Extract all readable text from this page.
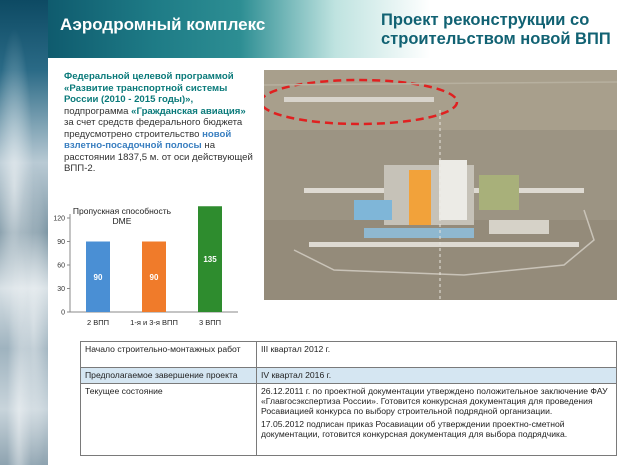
Аэродромный комплекс	Проект реконструкции со строительством новой ВПП
Федеральной целевой программой «Развитие транспортной системы России (2010 - 2015 годы)», подпрограмма «Гражданская авиация» за счет средств федерального бюджета предусмотрено строительство новой взлетно-посадочной полосы на расстоянии 1837,5 м. от оси действующей ВПП-2.
0
30
60
90
120
90
2 ВПП
90
1-я и 3-я ВПП
135
3 ВПП
Пропускная способность DME
Начало строительно-монтажных работ	III квартал 2012 г.
Предполагаемое завершение проекта	IV квартал 2016 г.
Текущее состояние	26.12.2011 г. по проектной документации утверждено положительное заключение ФАУ «Главгосэкспертиза России». Готовится конкурсная документация для проведения Росавиацией конкурса по выбору строительной подрядной организации.
17.05.2012 подписан приказ Росавиации об утверждении проектно-сметной документации, готовится конкурсная документация для выбора подрядчика.
